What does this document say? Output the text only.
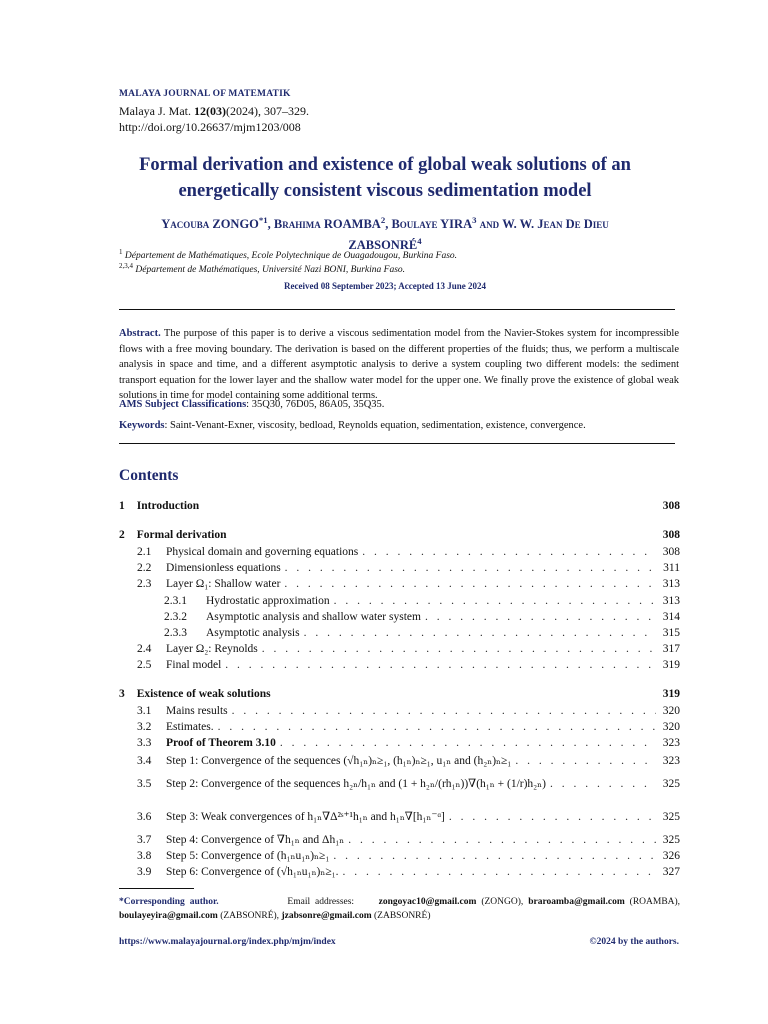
MALAYA JOURNAL OF MATEMATIK
Malaya J. Mat. 12(03)(2024), 307–329.
http://doi.org/10.26637/mjm1203/008
Formal derivation and existence of global weak solutions of an
energetically consistent viscous sedimentation model
Yacouba ZONGO$^{*1}$, Brahima ROAMBA$^2$, Boulaye YIRA$^3$ and W. W. Jean De Dieu
ZABSONRÉ$^4$
$^1$ Département de Mathématiques, Ecole Polytechnique de Ouagadougou, Burkina Faso.
$^{2,3,4}$ Département de Mathématiques, Université Nazi BONI, Burkina Faso.
Received 08 September 2023; Accepted 13 June 2024
Abstract. The purpose of this paper is to derive a viscous sedimentation model from the Navier-Stokes system for incompressible flows with a free moving boundary. The derivation is based on the different properties of the fluids; thus, we perform a multiscale analysis in space and time, and a different asymptotic analysis to derive a system coupling two different models: the sediment transport equation for the lower layer and the shallow water model for the upper one. We finally prove the existence of global weak solutions in time for model containing some additional terms.
AMS Subject Classifications: 35Q30, 76D05, 86A05, 35Q35.
Keywords: Saint-Venant-Exner, viscosity, bedload, Reynolds equation, sedimentation, existence, convergence.
Contents
1 Introduction	308
2 Formal derivation	308
2.1	Physical domain and governing equations . . .	308
2.2	Dimensionless equations . . .	311
2.3	Layer Ω₁: Shallow water . . .	313
2.3.1	Hydrostatic approximation . . .	313
2.3.2	Asymptotic analysis and shallow water system . . .	314
2.3.3	Asymptotic analysis . . .	315
2.4	Layer Ω₂: Reynolds . . .	317
2.5	Final model . . .	319
3 Existence of weak solutions	319
3.1	Mains results . . .	320
3.2	Estimates. . . .	320
3.3	Proof of Theorem 3.10 . . .	323
3.4	Step 1: Convergence of the sequences (√h₁ₙ)ₙ≥₁, (h₁ₙ)ₙ≥₁, u₁ₙ and (h₂ₙ)ₙ≥₁ . . .	323
3.5	Step 2: Convergence of the sequences h₂ₙ/h₁ₙ and (1 + h₂ₙ/(rh₁ₙ))∇(h₁ₙ + (1/r)h₂ₙ) . . .	325
3.6	Step 3: Weak convergences of h₁ₙ∇Δ²ˢ⁺¹h₁ₙ and h₁ₙ∇[h₁ₙ⁻ᵅ] . . .	325
3.7	Step 4: Convergence of ∇h₁ₙ and Δh₁ₙ . . .	325
3.8	Step 5: Convergence of (h₁ₙu₁ₙ)ₙ≥₁ . . .	326
3.9	Step 6: Convergence of (√h₁ₙu₁ₙ)ₙ≥₁. . . .	327
*Corresponding author.	Email addresses:	zongoyac10@gmail.com (ZONGO), braroamba@gmail.com (ROAMBA), boulayeyira@gmail.com (ZABSONRÉ), jzabsonre@gmail.com (ZABSONRÉ)
https://www.malayajournal.org/index.php/mjm/index	©2024 by the authors.
